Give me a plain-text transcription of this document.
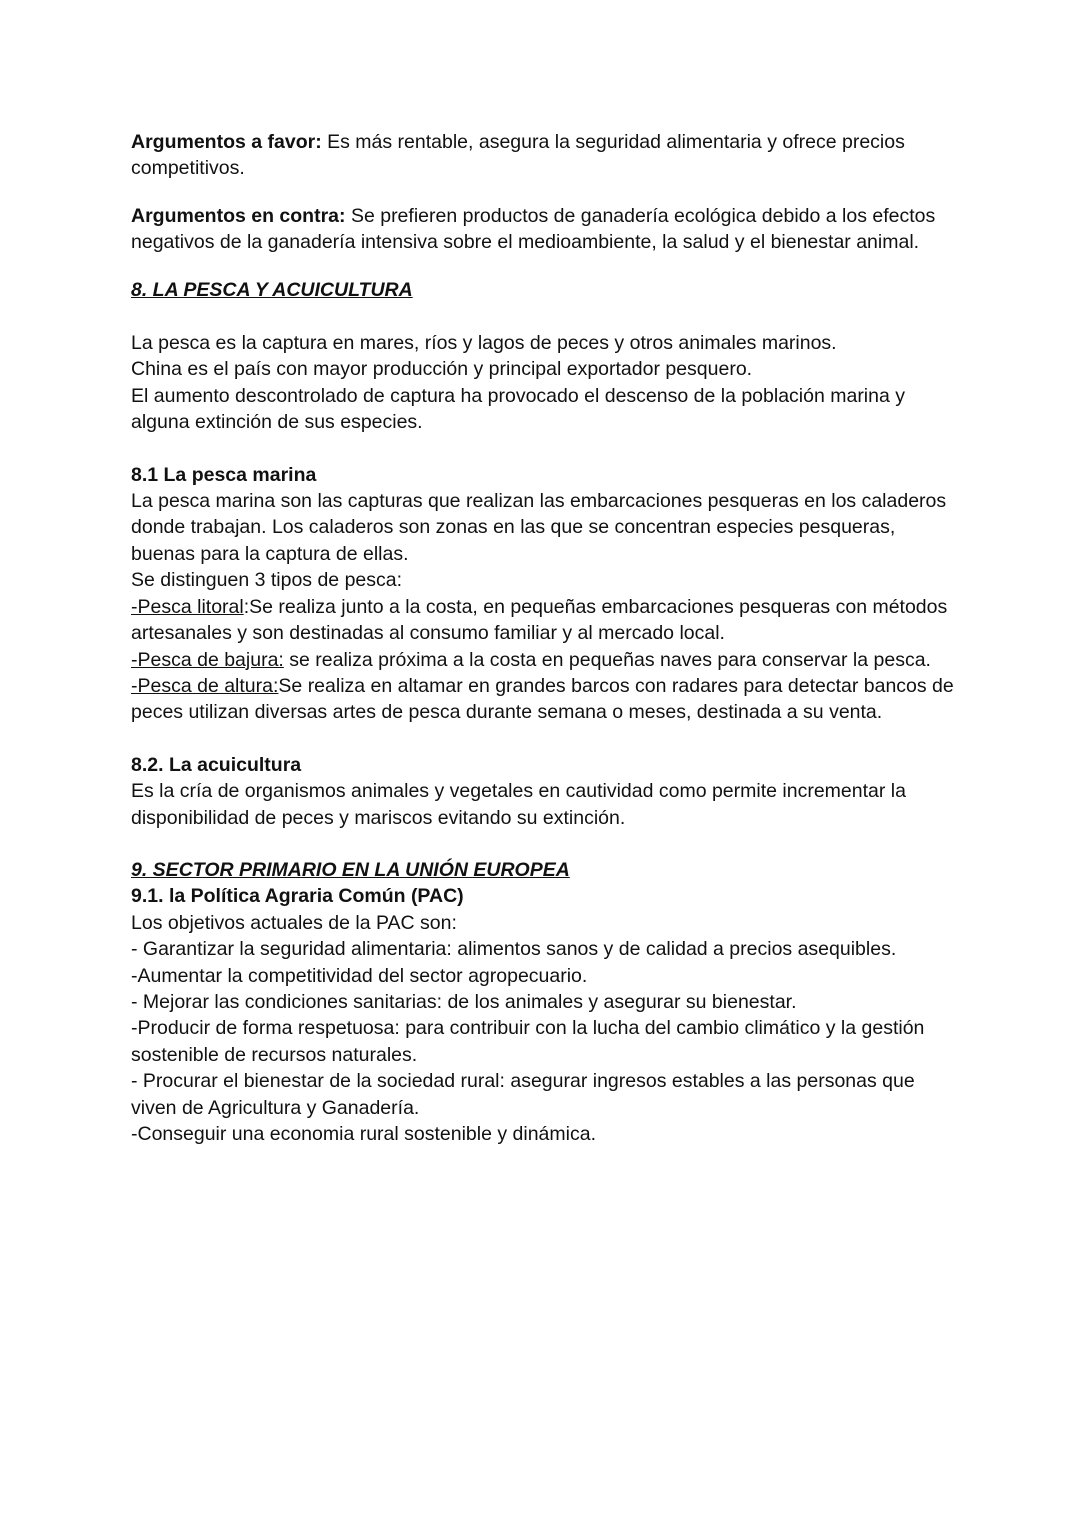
Argumentos a favor: Es más rentable, asegura la seguridad alimentaria y ofrece precios competitivos.

Argumentos en contra: Se prefieren productos de ganadería ecológica debido a los efectos negativos de la ganadería intensiva sobre el medioambiente, la salud y el bienestar animal.

8. LA PESCA Y ACUICULTURA

La pesca es la captura en mares, ríos y lagos de peces y otros animales marinos.

China es el país con mayor producción y principal exportador pesquero.

El aumento descontrolado de captura ha provocado el descenso de la población marina y alguna extinción de sus especies.

8.1 La pesca marina

La pesca marina son las capturas que realizan las embarcaciones pesqueras en los caladeros donde trabajan. Los caladeros son zonas en las que se concentran especies pesqueras, buenas para la captura de ellas.

Se distinguen 3 tipos de pesca:

-Pesca litoral:Se realiza junto a la costa, en pequeñas embarcaciones pesqueras con métodos artesanales y son destinadas al consumo familiar y al mercado local.

-Pesca de bajura: se realiza próxima a la costa en pequeñas naves para conservar la pesca.

-Pesca de altura:Se realiza en altamar en grandes barcos con radares para detectar bancos de peces utilizan diversas artes de pesca durante semana o meses, destinada a su venta.

8.2. La acuicultura

Es la cría de organismos animales y vegetales en cautividad como permite incrementar la disponibilidad de peces y mariscos evitando su extinción.

9. SECTOR PRIMARIO EN LA UNIÓN EUROPEA

9.1. la Política Agraria Común (PAC)

Los objetivos actuales de la PAC son:

- Garantizar la seguridad alimentaria: alimentos sanos y de calidad a precios asequibles.

-Aumentar la competitividad del sector agropecuario.

- Mejorar las condiciones sanitarias: de los animales y asegurar su bienestar.

-Producir de forma respetuosa: para contribuir con la lucha del cambio climático y la gestión sostenible de recursos naturales.

- Procurar el bienestar de la sociedad rural: asegurar ingresos estables a las personas que viven de Agricultura y Ganadería.

-Conseguir una economia rural sostenible y dinámica.
